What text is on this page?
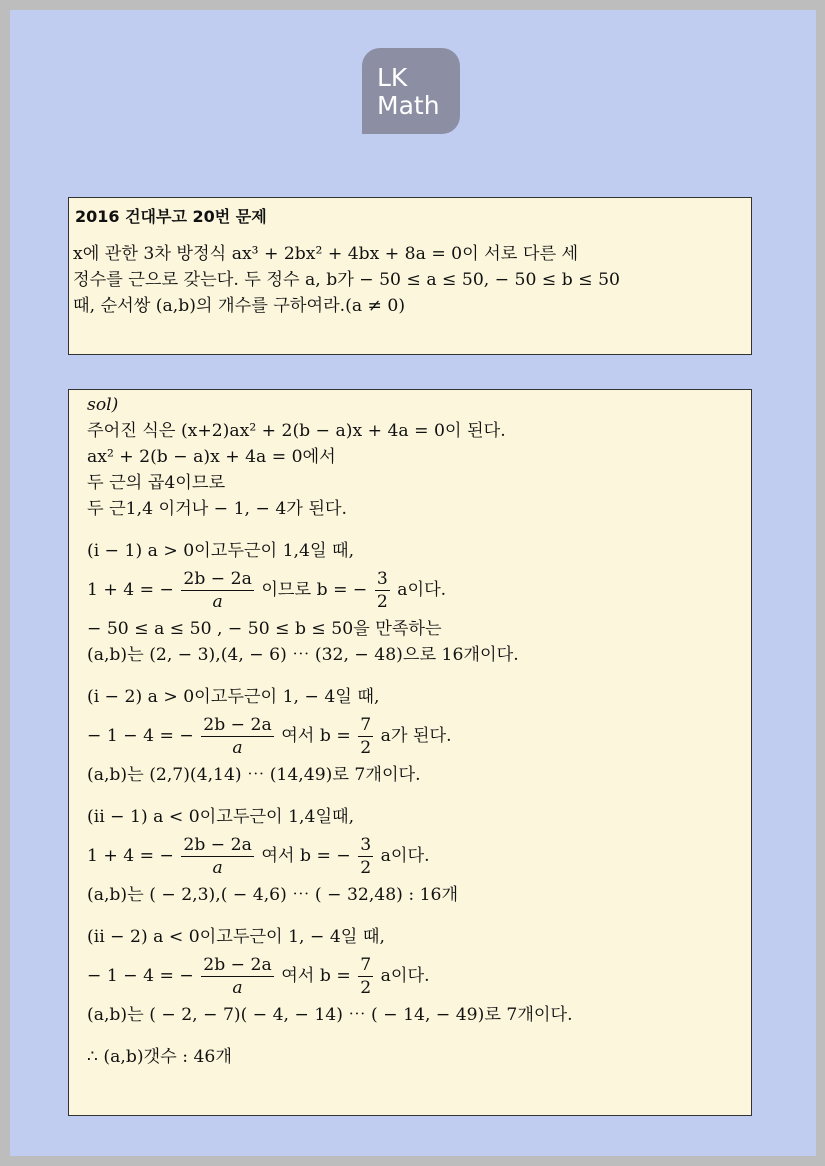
LK
Math
2016 건대부고 20번 문제
x에 관한 3차 방정식 ax³ + 2bx² + 4bx + 8a = 0이 서로 다른 세
정수를 근으로 갖는다. 두 정수 a, b가 − 50 ≤ a ≤ 50, − 50 ≤ b ≤ 50
때, 순서쌍 (a,b)의 개수를 구하여라.(a ≠ 0)
sol)
주어진 식은 (x+2)ax² + 2(b − a)x + 4a = 0이 된다.
ax² + 2(b − a)x + 4a = 0에서
두 근의 곱4이므로
두 근1,4 이거나 − 1, − 4가 된다.
(i − 1) a > 0이고두근이 1,4일 때,
1 + 4 = − $\frac{2b - 2a}{a}$ 이므로 b = − $\frac{3}{2}$ a이다.
− 50 ≤ a ≤ 50 , − 50 ≤ b ≤ 50을 만족하는
(a,b)는 (2, − 3),(4, − 6) ⋯ (32, − 48)으로 16개이다.
(i − 2) a > 0이고두근이 1, − 4일 때,
− 1 − 4 = − $\frac{2b - 2a}{a}$ 여서 $b = \frac{7}{2}$ a가 된다.
(a,b)는 (2,7)(4,14) ⋯ (14,49)로 7개이다.
(ii − 1) a < 0이고두근이 1,4일때,
1 + 4 = − $\frac{2b - 2a}{a}$ 여서 b = − $\frac{3}{2}$ a이다.
(a,b)는 ( − 2,3),( − 4,6) ⋯ ( − 32,48) : 16개
(ii − 2) a < 0이고두근이 1, − 4일 때,
− 1 − 4 = − $\frac{2b - 2a}{a}$ 여서 $b = \frac{7}{2}$ a이다.
(a,b)는 ( − 2, − 7)( − 4, − 14) ⋯ ( − 14, − 49)로 7개이다.
∴ (a,b)갯수 : 46개
